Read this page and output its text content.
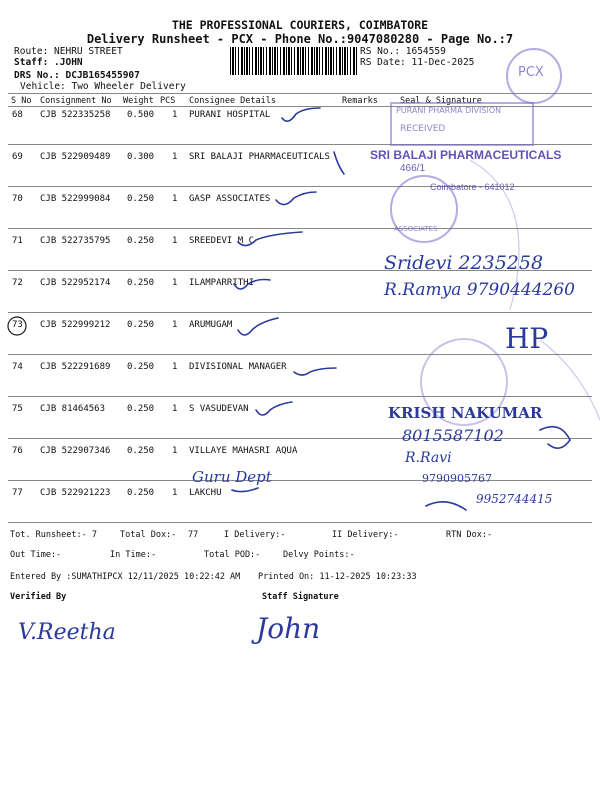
THE PROFESSIONAL COURIERS, COIMBATORE
Delivery Runsheet - PCX - Phone No.:9047080280 - Page No.:7
Route: NEHRU STREET
Staff: .JOHN
DRS No.: DCJB165455907
Vehicle: Two Wheeler Delivery
RS No.: 1654559
RS Date: 11-Dec-2025
S No Consignment No Weight PCS Consignee Details	Remarks	Seal & Signature
68 CJB 522335258 0.500 1 PURANI HOSPITAL
69 CJB 522909489 0.300 1 SRI BALAJI PHARMACEUTICALS
70 CJB 522999084 0.250 1 GASP ASSOCIATES
71 CJB 522735795 0.250 1 SREEDEVI M C
72 CJB 522952174 0.250 1 ILAMPARRITHI
73 CJB 522999212 0.250 1 ARUMUGAM
74 CJB 522291689 0.250 1 DIVISIONAL MANAGER
75 CJB 81464563 0.250 1 S VASUDEVAN
76 CJB 522907346 0.250 1 VILLAYE MAHASRI AQUA
77 CJB 522921223 0.250 1 LAKCHU
Tot. Runsheet:- 7	Total Dox:- 77	I Delivery:-	II Delivery:-	RTN Dox:-
Out Time:-	In Time:-	Total POD:-	Delvy Points:-
Entered By :SUMATHIPCX 12/11/2025 10:22:42 AM Printed On: 11-12-2025 10:23:33
Verified By	Staff Signature
PCX
PURANI PHARMA DIVISION
RECEIVED
SRI BALAJI PHARMACEUTICALS
466/1
Coimbatore - 641012
ASSOCIATES
Sridevi 2235258
R.Ramya 9790444260
HP
KRISH NAKUMAR
8015587102
R.Ravi
9790905767
9952744415
Guru Dept
V.Reetha	John
